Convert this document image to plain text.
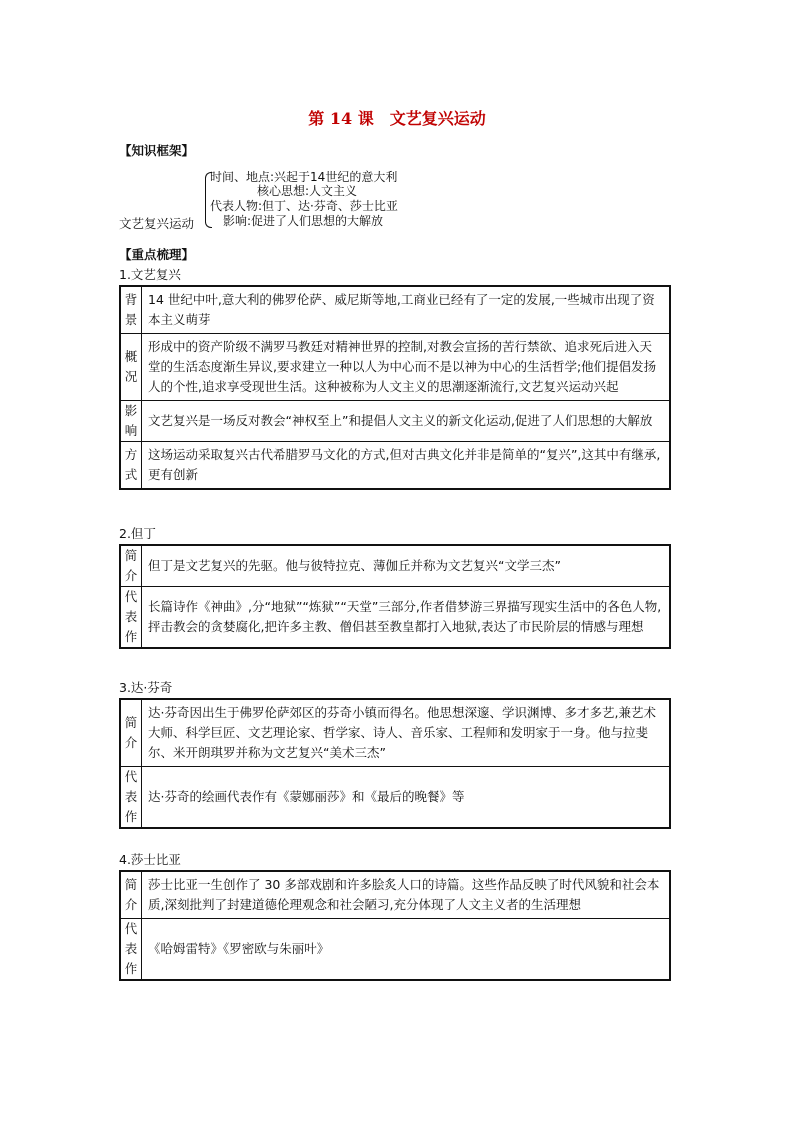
第 14 课　文艺复兴运动
【知识框架】
文艺复兴运动
时间、地点:兴起于14世纪的意大利
核心思想:人文主义
代表人物:但丁、达·芬奇、莎士比亚
影响:促进了人们思想的大解放
【重点梳理】
1.文艺复兴
背景	14 世纪中叶,意大利的佛罗伦萨、威尼斯等地,工商业已经有了一定的发展,一些城市出现了资本主义萌芽
概况	形成中的资产阶级不满罗马教廷对精神世界的控制,对教会宣扬的苦行禁欲、追求死后进入天堂的生活态度渐生异议,要求建立一种以人为中心而不是以神为中心的生活哲学;他们提倡发扬人的个性,追求享受现世生活。这种被称为人文主义的思潮逐渐流行,文艺复兴运动兴起
影响	文艺复兴是一场反对教会“神权至上”和提倡人文主义的新文化运动,促进了人们思想的大解放
方式	这场运动采取复兴古代希腊罗马文化的方式,但对古典文化并非是简单的“复兴”,这其中有继承,更有创新
2.但丁
简介	但丁是文艺复兴的先驱。他与彼特拉克、薄伽丘并称为文艺复兴“文学三杰”
代表作	长篇诗作《神曲》,分“地狱”“炼狱”“天堂”三部分,作者借梦游三界描写现实生活中的各色人物,抨击教会的贪婪腐化,把许多主教、僧侣甚至教皇都打入地狱,表达了市民阶层的情感与理想
3.达·芬奇
简介	达·芬奇因出生于佛罗伦萨郊区的芬奇小镇而得名。他思想深邃、学识渊博、多才多艺,兼艺术大师、科学巨匠、文艺理论家、哲学家、诗人、音乐家、工程师和发明家于一身。他与拉斐尔、米开朗琪罗并称为文艺复兴“美术三杰”
代表作	达·芬奇的绘画代表作有《蒙娜丽莎》和《最后的晚餐》等
4.莎士比亚
简介	莎士比亚一生创作了 30 多部戏剧和许多脍炙人口的诗篇。这些作品反映了时代风貌和社会本质,深刻批判了封建道德伦理观念和社会陋习,充分体现了人文主义者的生活理想
代表作	《哈姆雷特》《罗密欧与朱丽叶》
